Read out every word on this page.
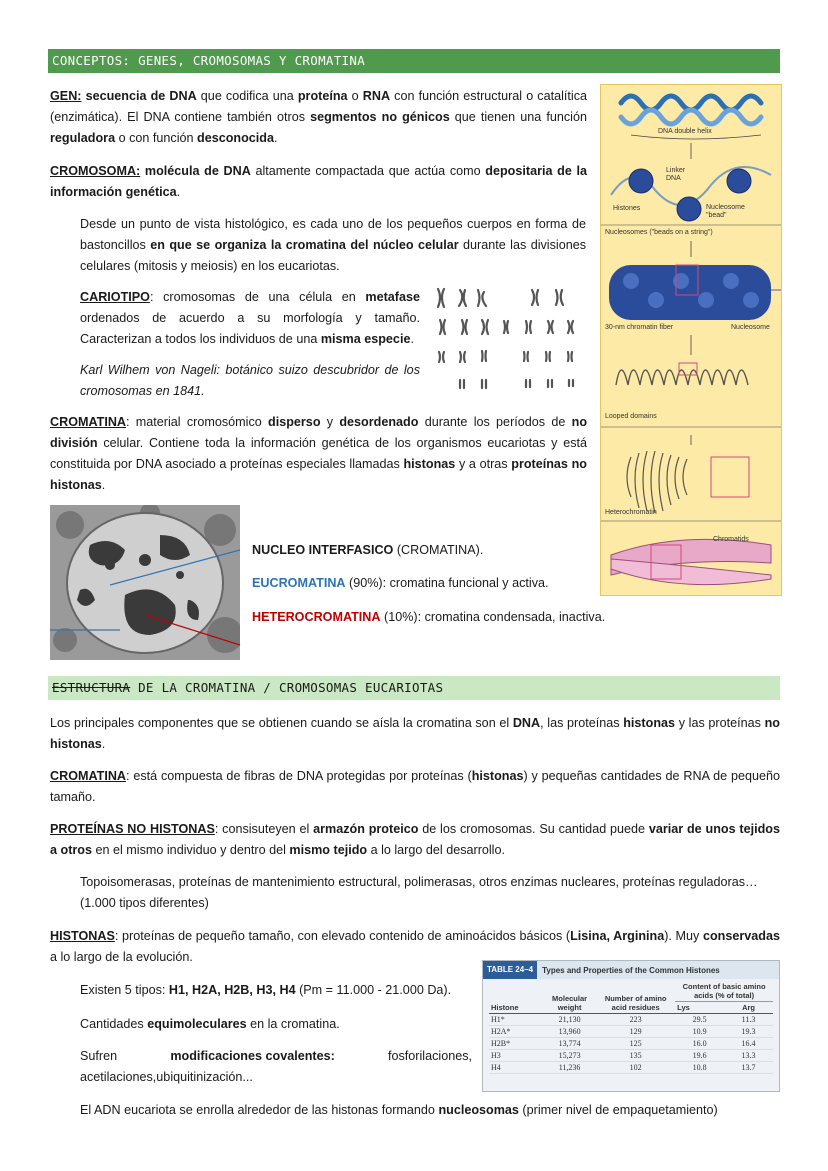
CONCEPTOS: GENES, CROMOSOMAS Y CROMATINA
GEN: secuencia de DNA que codifica una proteína o RNA con función estructural o catalítica (enzimática). El DNA contiene también otros segmentos no génicos que tienen una función reguladora o con función desconocida.
CROMOSOMA: molécula de DNA altamente compactada que actúa como depositaria de la información genética.
Desde un punto de vista histológico, es cada uno de los pequeños cuerpos en forma de bastoncillos en que se organiza la cromatina del núcleo celular durante las divisiones celulares (mitosis y meiosis) en los eucariotas.
CARIOTIPO: cromosomas de una célula en metafase ordenados de acuerdo a su morfología y tamaño. Caracterizan a todos los individuos de una misma especie.
Karl Wilhem von Nageli: botánico suizo descubridor de los cromosomas en 1841.
CROMATINA: material cromosómico disperso y desordenado durante los períodos de no división celular. Contiene toda la información genética de los organismos eucariotas y está constituida por DNA asociado a proteínas especiales llamadas histonas y a otras proteínas no histonas.
NUCLEO INTERFASICO (CROMATINA).
EUCROMATINA (90%): cromatina funcional y activa.
HETEROCROMATINA (10%): cromatina condensada, inactiva.
DNA double helix
Linker
DNA
Histones	Nucleosome
"bead"
Nucleosomes ("beads on a string")
30-nm chromatin fiber	Nucleosome
Looped domains
Heterochromatin
Chromatids
ESTRUCTURA DE LA CROMATINA / CROMOSOMAS EUCARIOTAS
Los principales componentes que se obtienen cuando se aísla la cromatina son el DNA, las proteínas histonas y las proteínas no histonas.
CROMATINA: está compuesta de fibras de DNA protegidas por proteínas (histonas) y pequeñas cantidades de RNA de pequeño tamaño.
PROTEÍNAS NO HISTONAS: consisuteyen el armazón proteico de los cromosomas. Su cantidad puede variar de unos tejidos a otros en el mismo individuo y dentro del mismo tejido a lo largo del desarrollo.
Topoisomerasas, proteínas de mantenimiento estructural, polimerasas, otros enzimas nucleares, proteínas reguladoras… (1.000 tipos diferentes)
HISTONAS: proteínas de pequeño tamaño, con elevado contenido de aminoácidos básicos (Lisina, Arginina). Muy conservadas a lo largo de la evolución.
Existen 5 tipos: H1, H2A, H2B, H3, H4 (Pm = 11.000 - 21.000 Da).
Cantidades equimoleculares en la cromatina.
Sufren	modificaciones covalentes:	fosforilaciones,
acetilaciones,ubiquitinización...
TABLE 24–4	Types and Properties of the Common Histones
Histone	Molecular weight	Number of amino acid residues	Content of basic amino acids (% of total)	
			Lys	Arg
H1*	21,130	223	29.5	11.3
H2A*	13,960	129	10.9	19.3
H2B*	13,774	125	16.0	16.4
H3	15,273	135	19.6	13.3
H4	11,236	102	10.8	13.7
El ADN eucariota se enrolla alrededor de las histonas formando nucleosomas (primer nivel de empaquetamiento)
